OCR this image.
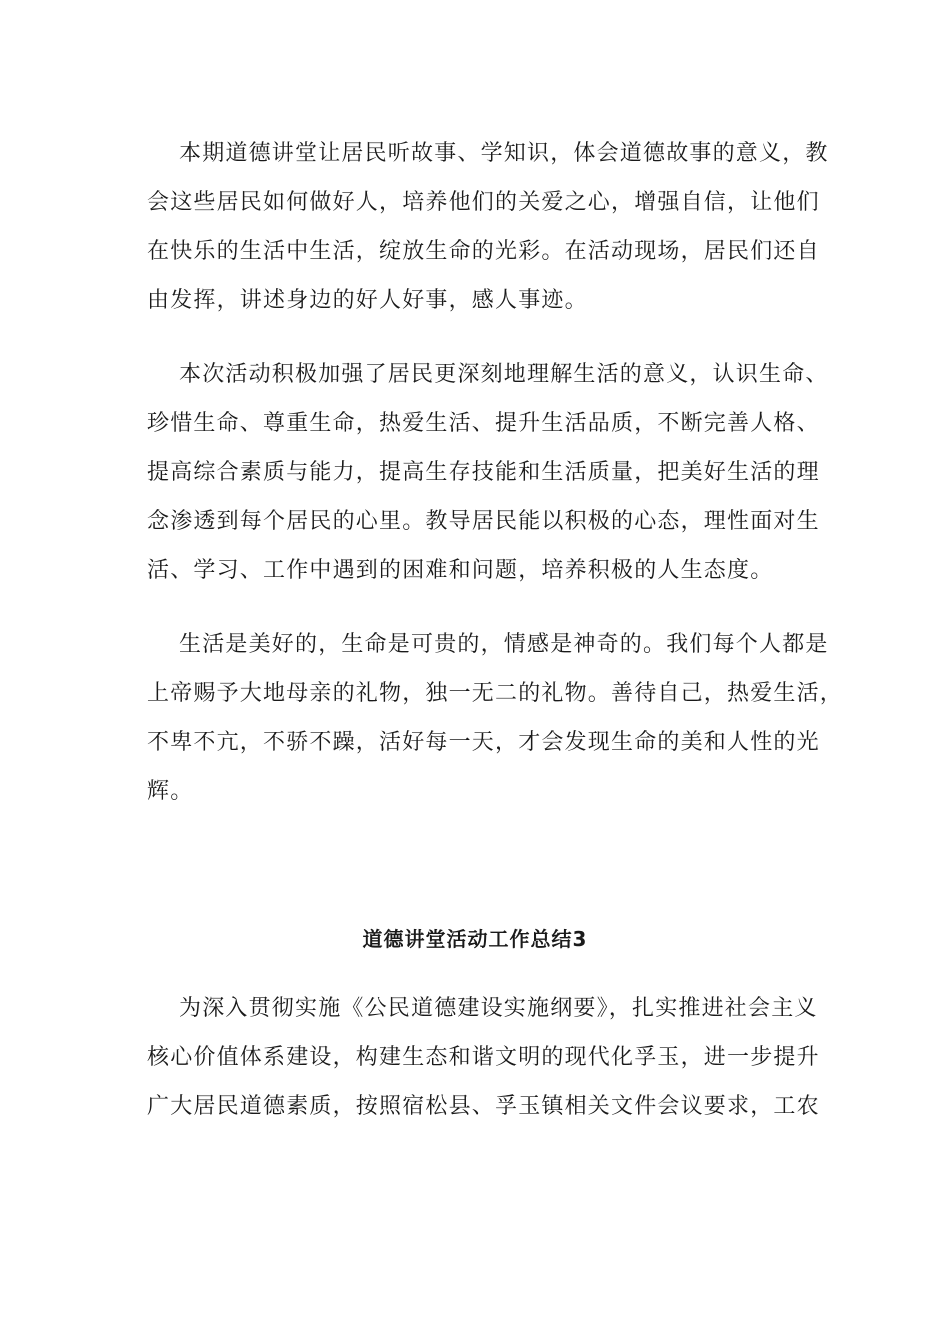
本期道德讲堂让居民听故事、学知识，体会道德故事的意义，教
会这些居民如何做好人，培养他们的关爱之心，增强自信，让他们
在快乐的生活中生活，绽放生命的光彩。在活动现场，居民们还自
由发挥，讲述身边的好人好事，感人事迹。
本次活动积极加强了居民更深刻地理解生活的意义，认识生命、
珍惜生命、尊重生命，热爱生活、提升生活品质，不断完善人格、
提高综合素质与能力，提高生存技能和生活质量，把美好生活的理
念渗透到每个居民的心里。教导居民能以积极的心态，理性面对生
活、学习、工作中遇到的困难和问题，培养积极的人生态度。
生活是美好的，生命是可贵的，情感是神奇的。我们每个人都是
上帝赐予大地母亲的礼物，独一无二的礼物。善待自己，热爱生活，
不卑不亢，不骄不躁，活好每一天，才会发现生命的美和人性的光
辉。
道德讲堂活动工作总结3
为深入贯彻实施《公民道德建设实施纲要》，扎实推进社会主义
核心价值体系建设，构建生态和谐文明的现代化孚玉，进一步提升
广大居民道德素质，按照宿松县、孚玉镇相关文件会议要求，工农
